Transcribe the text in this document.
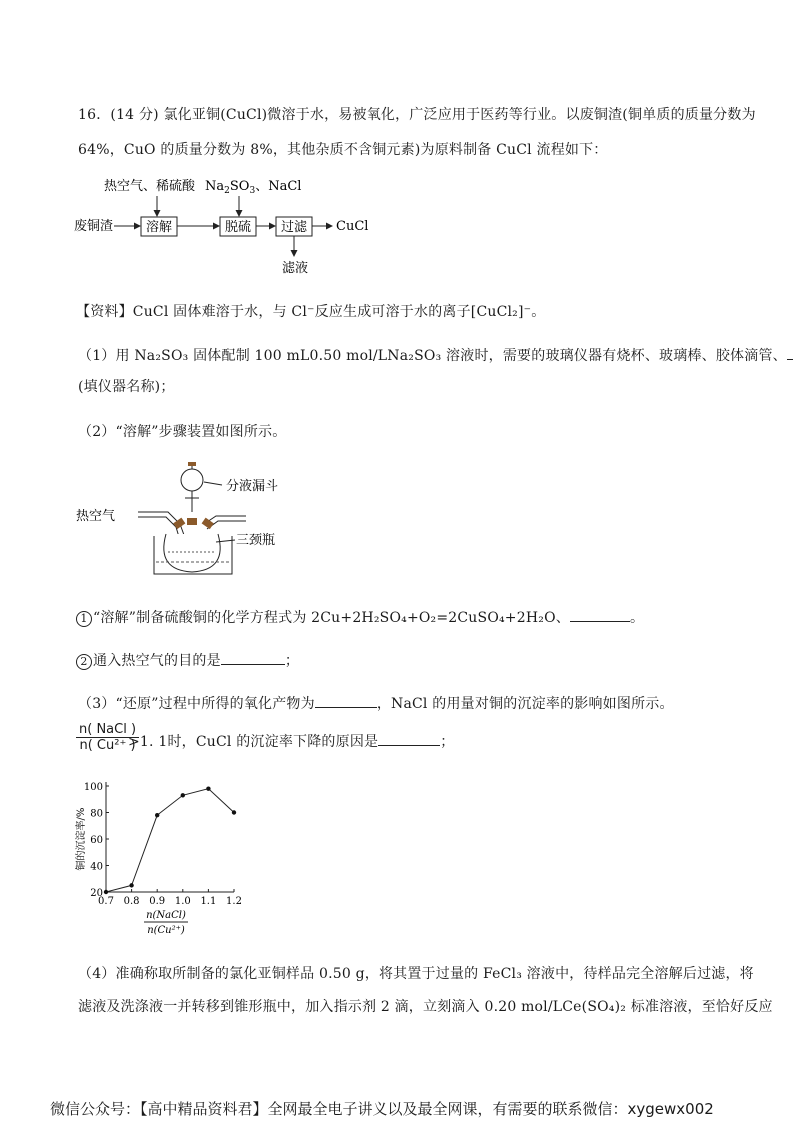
16．(14 分) 氯化亚铜(CuCl)微溶于水，易被氧化，广泛应用于医药等行业。以废铜渣(铜单质的质量分数为
64%，CuO 的质量分数为 8%，其他杂质不含铜元素)为原料制备 CuCl 流程如下：
热空气、稀硫酸 $Na_2SO_3$、NaCl
废铜渣	溶解	脱硫 过滤 CuCl
滤液
【资料】CuCl 固体难溶于水，与 Cl⁻反应生成可溶于水的离子[CuCl₂]⁻。
（1）用 Na₂SO₃ 固体配制 100 mL0.50 mol/LNa₂SO₃ 溶液时，需要的玻璃仪器有烧杯、玻璃棒、胶体滴管、
(填仪器名称)；
（2）“溶解”步骤装置如图所示。
热空气
分液漏斗
三颈瓶
1 “溶解”制备硫酸铜的化学方程式为 2Cu+2H₂SO₄+O₂=2CuSO₄+2H₂O、	。
2 通入热空气的目的是	；
（3）“还原”过程中所得的氧化产物为	，NaCl 的用量对铜的沉淀率的影响如图所示。
n( NaCl )
n( Cu²⁺ )
>1. 1时，CuCl 的沉淀率下降的原因是	；
20
40
60
80
100
0.7 0.8 0.9 1.0 1.1 1.2
铜的沉淀率/%
n(NaCl)
n(Cu²⁺)
（4）准确称取所制备的氯化亚铜样品 0.50 g，将其置于过量的 FeCl₃ 溶液中，待样品完全溶解后过滤，将
滤液及洗涤液一并转移到锥形瓶中，加入指示剂 2 滴，立刻滴入 0.20 mol/LCe(SO₄)₂ 标准溶液，至恰好反应
微信公众号：【高中精品资料君】全网最全电子讲义以及最全网课，有需要的联系微信：xygewx002
